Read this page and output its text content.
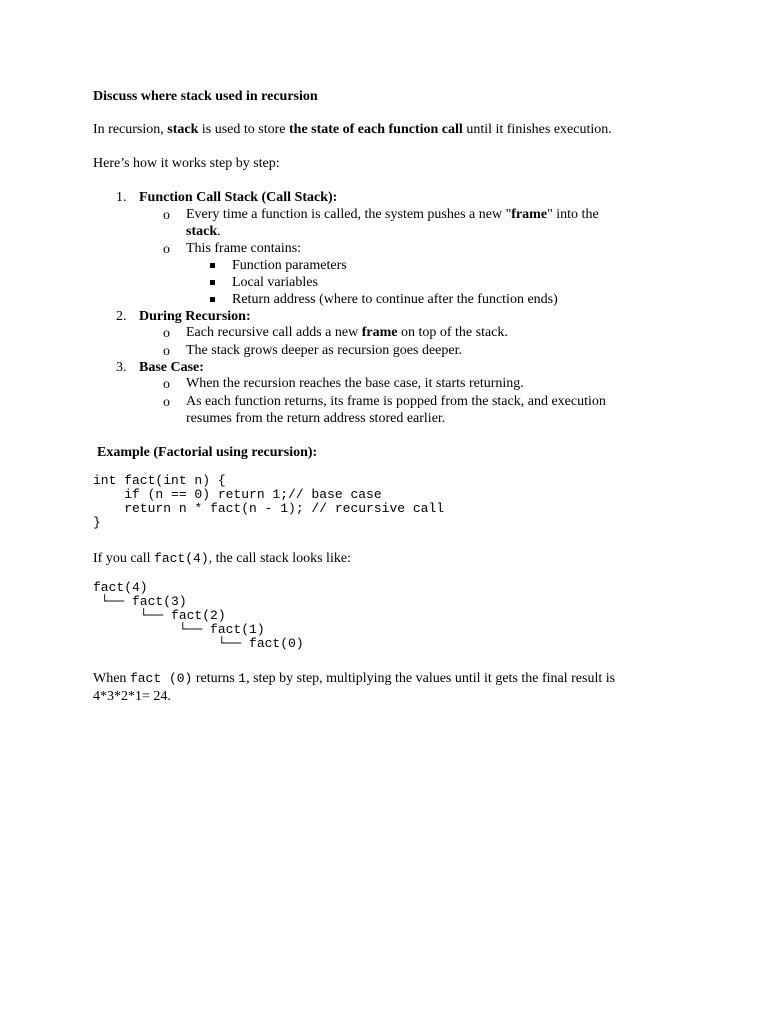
Discuss where stack used in recursion
In recursion, stack is used to store the state of each function call until it finishes execution.
Here’s how it works step by step:
1. Function Call Stack (Call Stack):
o Every time a function is called, the system pushes a new "frame" into the
stack.
o This frame contains:
Function parameters
Local variables
Return address (where to continue after the function ends)
2. During Recursion:
o Each recursive call adds a new frame on top of the stack.
o The stack grows deeper as recursion goes deeper.
3. Base Case:
o When the recursion reaches the base case, it starts returning.
o As each function returns, its frame is popped from the stack, and execution
resumes from the return address stored earlier.
Example (Factorial using recursion):
int fact(int n) {
if (n == 0) return 1;// base case
return n * fact(n - 1); // recursive call
}
If you call fact(4), the call stack looks like:
fact(4)
└── fact(3)
└── fact(2)
└── fact(1)
└── fact(0)
When fact (0) returns 1, step by step, multiplying the values until it gets the final result is
4*3*2*1= 24.
